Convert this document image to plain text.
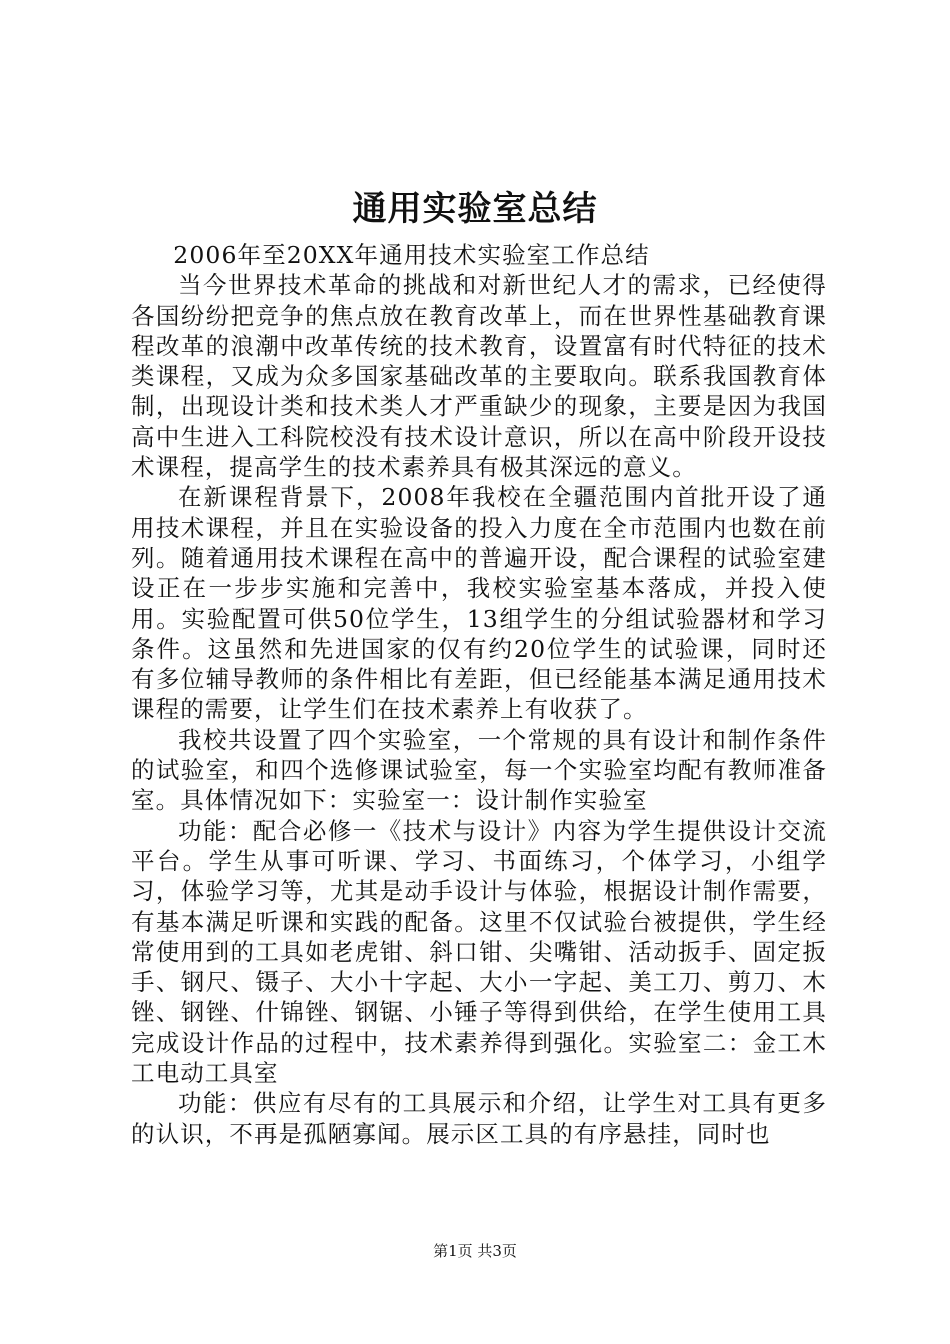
通用实验室总结

2006年至20XX年通用技术实验室工作总结

当今世界技术革命的挑战和对新世纪人才的需求，已经使得各国纷纷把竞争的焦点放在教育改革上，而在世界性基础教育课程改革的浪潮中改革传统的技术教育，设置富有时代特征的技术类课程，又成为众多国家基础改革的主要取向。联系我国教育体制，出现设计类和技术类人才严重缺少的现象，主要是因为我国高中生进入工科院校没有技术设计意识，所以在高中阶段开设技术课程，提高学生的技术素养具有极其深远的意义。

在新课程背景下，2008年我校在全疆范围内首批开设了通用技术课程，并且在实验设备的投入力度在全市范围内也数在前列。随着通用技术课程在高中的普遍开设，配合课程的试验室建设正在一步步实施和完善中，我校实验室基本落成，并投入使用。实验配置可供50位学生，13组学生的分组试验器材和学习条件。这虽然和先进国家的仅有约20位学生的试验课，同时还有多位辅导教师的条件相比有差距，但已经能基本满足通用技术课程的需要，让学生们在技术素养上有收获了。

我校共设置了四个实验室，一个常规的具有设计和制作条件的试验室，和四个选修课试验室，每一个实验室均配有教师准备室。具体情况如下：实验室一：设计制作实验室

功能：配合必修一《技术与设计》内容为学生提供设计交流平台。学生从事可听课、学习、书面练习，个体学习，小组学习，体验学习等，尤其是动手设计与体验，根据设计制作需要，有基本满足听课和实践的配备。这里不仅试验台被提供，学生经常使用到的工具如老虎钳、斜口钳、尖嘴钳、活动扳手、固定扳手、钢尺、镊子、大小十字起、大小一字起、美工刀、剪刀、木锉、钢锉、什锦锉、钢锯、小锤子等得到供给，在学生使用工具完成设计作品的过程中，技术素养得到强化。实验室二：金工木工电动工具室

功能：供应有尽有的工具展示和介绍，让学生对工具有更多的认识，不再是孤陋寡闻。展示区工具的有序悬挂，同时也

第1页 共3页
